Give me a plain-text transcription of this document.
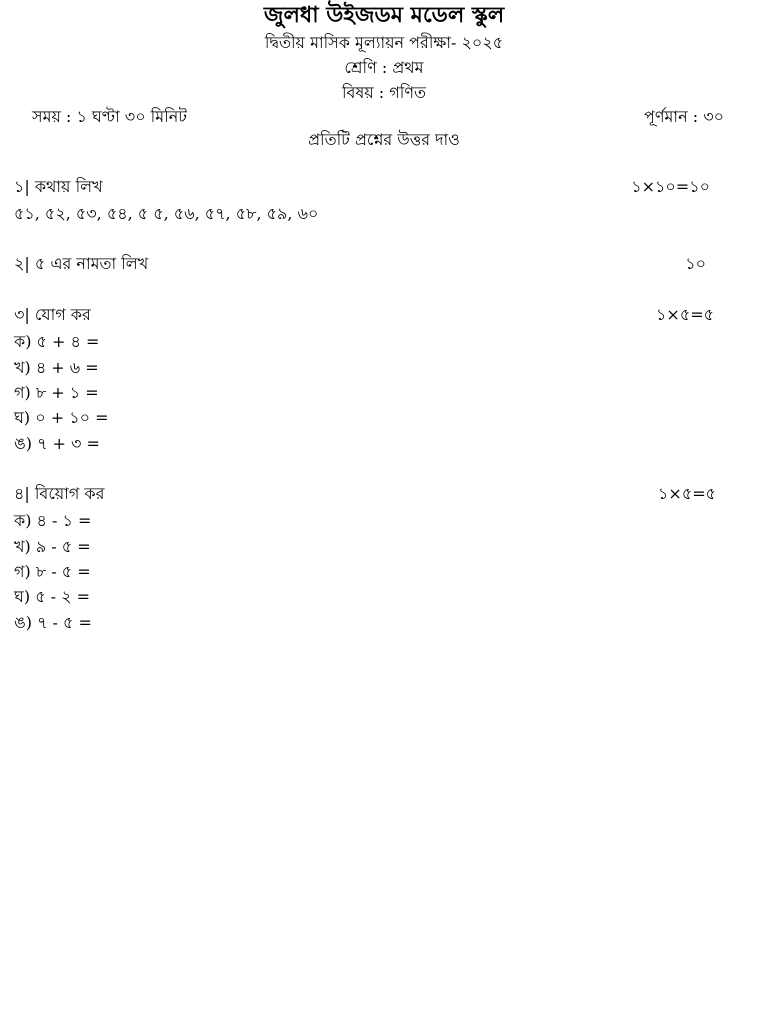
জুলধা উইজডম মডেল স্কুল
দ্বিতীয় মাসিক মূল্যায়ন পরীক্ষা- ২০২৫
শ্রেণি : প্রথম
বিষয় : গণিত
সময় : ১ ঘণ্টা ৩০ মিনিট	পূর্ণমান : ৩০
প্রতিটি প্রশ্নের উত্তর দাও
১| কথায় লিখ	১×১০=১০
৫১, ৫২, ৫৩, ৫৪, ৫ ৫, ৫৬, ৫৭, ৫৮, ৫৯, ৬০
২| ৫ এর নামতা লিখ	১০
৩| যোগ কর	১×৫=৫
ক) ৫ + ৪ =
খ) ৪ + ৬ =
গ) ৮ + ১ =
ঘ) ০ + ১০ =
ঙ) ৭ + ৩ =
৪| বিয়োগ কর	১×৫=৫
ক) ৪ - ১ =
খ) ৯ - ৫ =
গ) ৮ - ৫ =
ঘ) ৫ - ২ =
ঙ) ৭ - ৫ =
